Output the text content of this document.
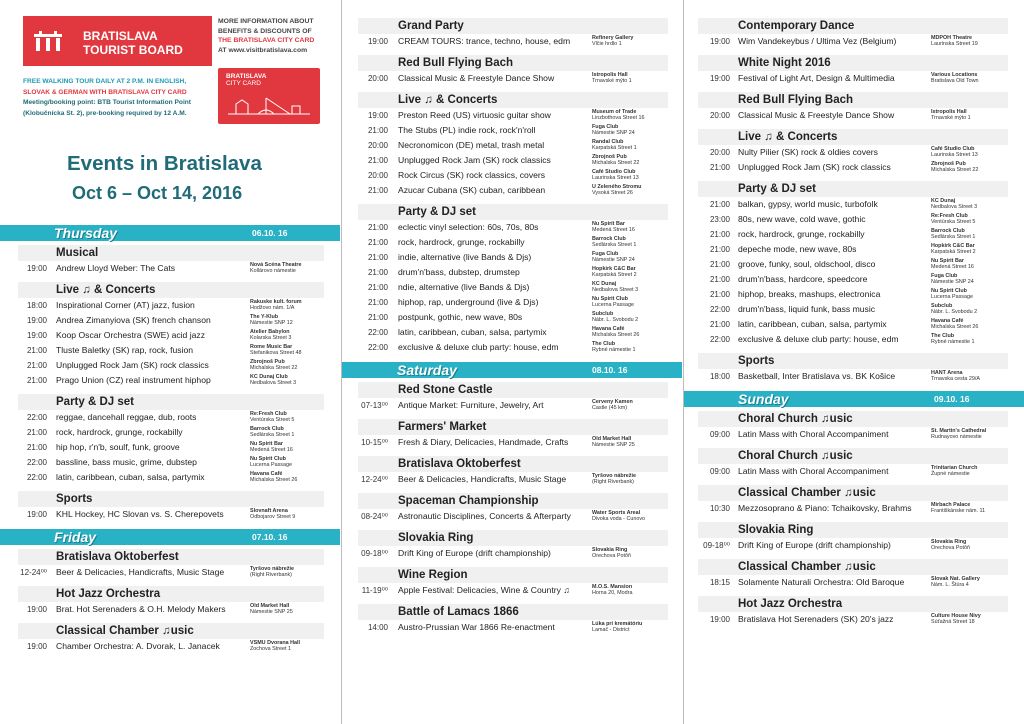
BRATISLAVA
TOURIST BOARD
MORE INFORMATION ABOUT
BENEFITS & DISCOUNTS OF
THE BRATISLAVA CITY CARD
AT www.visitbratislava.com
FREE WALKING TOUR DAILY AT 2 P.M. IN ENGLISH,
SLOVAK & GERMAN WITH BRATISLAVA CITY CARD
Meeting/booking point: BTB Tourist Information Point
(Klobučnícka St. 2), pre-booking required by 12 A.M.
BRATISLAVA
CITY CARD
Events in Bratislava
Oct 6 – Oct 14, 2016
Thursday	06.10. 16
Musical
19:00 Andrew Lloyd Weber: The Cats	Nová Scéna Theatre
Kollárovo námestie
Live ♫ & Concerts
18:00 Inspirational Corner (AT) jazz, fusion	Rakuske kult. forum
Hodžovo nám. 1/A
19:00 Andrea Zimanyiova (SK) french chanson	The Y-Klub
Námestie SNP 12
19:00 Koop Oscar Orchestra (SWE) acid jazz	Atelier Babylon
Kolarska Street 3
21:00 Tluste Baletky (SK) rap, rock, fusion	Rome Music Bar
Stefanikova Street 48
21:00 Unplugged Rock Jam (SK) rock classics	Zbrojnoš Pub
Michalska Street 22
21:00 Prago Union (CZ) real instrument hiphop	KC Dunaj Club
Nedbalova Street 3
Party & DJ set
22:00 reggae, dancehall reggae, dub, roots	Re:Fresh Club
Ventúrska Street 5
21:00 rock, hardrock, grunge, rockabilly	Barrock Club
Sedlárska Street 1
21:00 hip hop, r'n'b, soulf, funk, groove	Nu Spirit Bar
Medená Street 16
22:00 bassline, bass music, grime, dubstep	Nu Spirit Club
Lucerna Passage
22:00 latin, caribbean, cuban, salsa, partymix	Havana Café
Michalska Street 26
Sports
19:00 KHL Hockey, HC Slovan vs. S. Cherepovets	Slovnaft Arena
Odbojarov Street 9
Friday	07.10. 16
Bratislava Oktoberfest
12-24⁰⁰ Beer & Delicacies, Handicrafts, Music Stage	Tyršovo nábrežie
(Right Riverbank)
Hot Jazz Orchestra
19:00 Brat. Hot Serenaders & O.H. Melody Makers	Old Market Hall
Námestie SNP 25
Classical Chamber ♫usic
19:00 Chamber Orchestra: A. Dvorak, L. Janacek	VSMU Dvorana Hall
Zochova Street 1
Grand Party
19:00 CREAM TOURS: trance, techno, house, edm	Refinery Gallery
Vlčie hrdlo 1
Red Bull Flying Bach
20:00 Classical Music & Freestyle Dance Show	Istropolis Hall
Trnavské mýto 1
Live ♫ & Concerts
19:00 Preston Reed (US) virtuosic guitar show	Museum of Trade
Linzbothova Street 16
21:00 The Stubs (PL) indie rock, rock'n'roll	Fuga Club
Námestie SNP 24
20:00 Necronomicon (DE) metal, trash metal	Randal Club
Karpatská Street 1
21:00 Unplugged Rock Jam (SK) rock classics	Zbrojnoš Pub
Michalska Street 22
20:00 Rock Circus (SK) rock classics, covers	Café Studio Club
Laurinska Street 13
21:00 Azucar Cubana (SK) cuban, caribbean	U Zeleného Stromu
Vysoká Street 26
Party & DJ set
21:00 eclectic vinyl selection: 60s, 70s, 80s	Nu Spirit Bar
Medená Street 16
21:00 rock, hardrock, grunge, rockabilly	Barrock Club
Sedlárska Street 1
21:00 indie, alternative (live Bands & Djs)	Fuga Club
Námestie SNP 24
21:00 drum'n'bass, dubstep, drumstep	Hopkirk C&C Bar
Karpatská Street 2
21:00 ndie, alternative (live Bands & Djs)	KC Dunaj
Nedbalova Street 3
21:00 hiphop, rap, underground (live & Djs)	Nu Spirit Club
Lucerna Passage
21:00 postpunk, gothic, new wave, 80s	Subclub
Nábr. L. Svobodu 2
22:00 latin, caribbean, cuban, salsa, partymix	Havana Café
Michalska Street 26
22:00 exclusive & deluxe club party: house, edm	The Club
Rybné námestie 1
Saturday	08.10. 16
Red Stone Castle
07-13⁰⁰ Antique Market: Furniture, Jewelry, Art	Cerveny Kamen
Castle (45 km)
Farmers' Market
10-15⁰⁰ Fresh & Diary, Delicacies, Handmade, Crafts	Old Market Hall
Námestie SNP 25
Bratislava Oktoberfest
12-24⁰⁰ Beer & Delicacies, Handicrafts, Music Stage	Tyršovo nábrežie
(Right Riverbank)
Spaceman Championship
08-24⁰⁰ Astronautic Disciplines, Concerts & Afterparty	Water Sports Areal
Divoka voda - Cunovo
Slovakia Ring
09-18⁰⁰ Drift King of Europe (drift championship)	Slovakia Ring
Orechova Potôň
Wine Region
11-19⁰⁰ Apple Festival: Delicacies, Wine & Country ♫	M.O.S. Mansion
Horna 20, Modra
Battle of Lamacs 1866
14:00 Austro-Prussian War 1866 Re-enactment	Lúka pri kremátóriu
Lamač - District
Contemporary Dance
19:00 Wim Vandekeybus / Ultima Vez (Belgium)	MDPOH Theatre
Laurinska Street 19
White Night 2016
19:00 Festival of Light Art, Design & Multimedia	Various Locations
Bratislava Old Town
Red Bull Flying Bach
20:00 Classical Music & Freestyle Dance Show	Istropolis Hall
Trnavské mýto 1
Live ♫ & Concerts
20:00 Nulty Pilier (SK) rock & oldies covers	Café Studio Club
Laurinska Street 13
21:00 Unplugged Rock Jam (SK) rock classics	Zbrojnoš Pub
Michalska Street 22
Party & DJ set
21:00 balkan, gypsy, world music, turbofolk	KC Dunaj
Nedbalova Street 3
23:00 80s, new wave, cold wave, gothic	Re:Fresh Club
Ventúrska Street 5
21:00 rock, hardrock, grunge, rockabilly	Barrock Club
Sedlárska Street 1
21:00 depeche mode, new wave, 80s	Hopkirk C&C Bar
Karpatská Street 2
21:00 groove, funky, soul, oldschool, disco	Nu Spirit Bar
Medená Street 16
21:00 drum'n'bass, hardcore, speedcore	Fuga Club
Námestie SNP 24
21:00 hiphop, breaks, mashups, electronica	Nu Spirit Club
Lucerna Passage
22:00 drum'n'bass, liquid funk, bass music	Subclub
Nábr. L. Svobodu 2
21:00 latin, caribbean, cuban, salsa, partymix	Havana Café
Michalska Street 26
22:00 exclusive & deluxe club party: house, edm	The Club
Rybné námestie 1
Sports
18:00 Basketball, Inter Bratislava vs. BK Košice	HANT Arena
Trnavska cesta 29/A
Sunday	09.10. 16
Choral Church ♫usic
09:00 Latin Mass with Choral Accompaniment	St. Martin's Cathedral
Rudnayovo námestie
Choral Church ♫usic
09:00 Latin Mass with Choral Accompaniment	Trinitarian Church
Župné námestie
Classical Chamber ♫usic
10:30 Mezzosoprano & Piano: Tchaikovsky, Brahms	Mirbach Palace
Františkánske nám. 11
Slovakia Ring
09-18⁰⁰ Drift King of Europe (drift championship)	Slovakia Ring
Orechova Potôň
Classical Chamber ♫usic
18:15 Solamente Naturali Orchestra: Old Baroque	Slovak Nat. Gallery
Nám. L. Štúra 4
Hot Jazz Orchestra
19:00 Bratislava Hot Serenaders (SK) 20's jazz	Culture House Nivy
Súťažná Street 18
